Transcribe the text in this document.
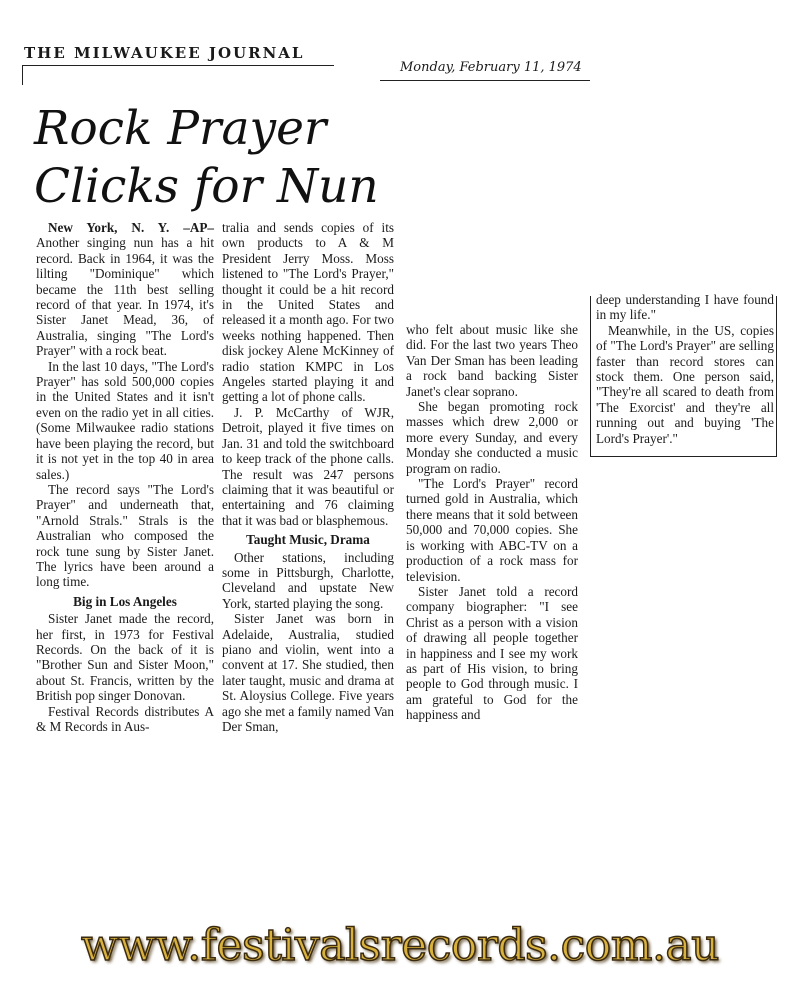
THE MILWAUKEE JOURNAL
Monday, February 11, 1974
Rock Prayer
Clicks for Nun

New York, N. Y. –AP– Another singing nun has a hit record. Back in 1964, it was the lilting "Dominique" which became the 11th best selling record of that year. In 1974, it's Sister Janet Mead, 36, of Australia, singing "The Lord's Prayer" with a rock beat.

In the last 10 days, "The Lord's Prayer" has sold 500,000 copies in the United States and it isn't even on the radio yet in all cities. (Some Milwaukee radio stations have been playing the record, but it is not yet in the top 40 in area sales.)

The record says "The Lord's Prayer" and underneath that, "Arnold Strals." Strals is the Australian who composed the rock tune sung by Sister Janet. The lyrics have been around a long time.

Big in Los Angeles

Sister Janet made the record, her first, in 1973 for Festival Records. On the back of it is "Brother Sun and Sister Moon," about St. Francis, written by the British pop singer Donovan.

Festival Records distributes A & M Records in Aus-

tralia and sends copies of its own products to A & M President Jerry Moss. Moss listened to "The Lord's Prayer," thought it could be a hit record in the United States and released it a month ago. For two weeks nothing happened. Then disk jockey Alene McKinney of radio station KMPC in Los Angeles started playing it and getting a lot of phone calls.

J. P. McCarthy of WJR, Detroit, played it five times on Jan. 31 and told the switchboard to keep track of the phone calls. The result was 247 persons claiming that it was beautiful or entertaining and 76 claiming that it was bad or blasphemous.

Taught Music, Drama

Other stations, including some in Pittsburgh, Charlotte, Cleveland and upstate New York, started playing the song.

Sister Janet was born in Adelaide, Australia, studied piano and violin, went into a convent at 17. She studied, then later taught, music and drama at St. Aloysius College. Five years ago she met a family named Van Der Sman,

who felt about music like she did. For the last two years Theo Van Der Sman has been leading a rock band backing Sister Janet's clear soprano.

She began promoting rock masses which drew 2,000 or more every Sunday, and every Monday she conducted a music program on radio.

"The Lord's Prayer" record turned gold in Australia, which there means that it sold between 50,000 and 70,000 copies. She is working with ABC-TV on a production of a rock mass for television.

Sister Janet told a record company biographer: "I see Christ as a person with a vision of drawing all people together in happiness and I see my work as part of His vision, to bring people to God through music. I am grateful to God for the happiness and

deep understanding I have found in my life."

Meanwhile, in the US, copies of "The Lord's Prayer" are selling faster than record stores can stock them. One person said, "They're all scared to death from 'The Exorcist' and they're all running out and buying 'The Lord's Prayer'."

www.festivalsrecords.com.au
